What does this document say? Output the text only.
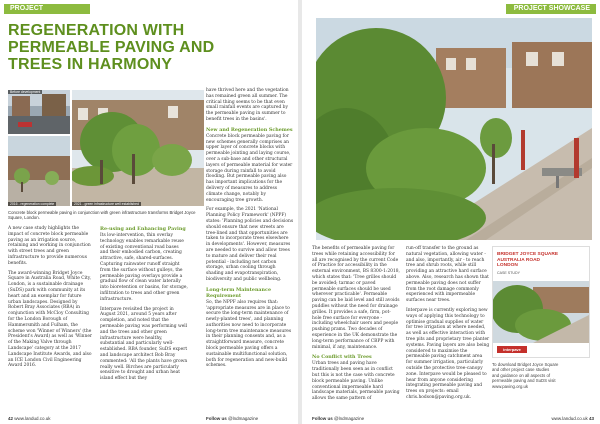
PROJECT SHOWCASE
REGENERATION WITH
PERMEABLE PAVING AND
TREES IN HARMONY
Before development
2016 - regeneration complete	2021 - green infrastructure well established
Concrete block permeable paving in conjunction with green infrastructure transforms Bridget Joyce Square, London.

A new case study highlights the impact of concrete block permeable paving as an irrigation source, retaining and working in conjunction with street trees and green infrastructure to provide numerous benefits.

The award-winning Bridget Joyce Square in Australia Road, White City, London, is a sustainable drainage (SuDS) park with community at its heart and an exemplar for future urban landscapes. Designed by Robert Bray Associates (RBA) in conjunction with McCloy Consulting for the London Borough of Hammersmith and Fulham, the scheme won 'Winner of Winners' (the President's Award) as well as 'Winner of the Making Valve through Landscape' category at the 2017 Landscape Institute Awards, and also an ICE London Civil Engineering Award 2016.

Re-using and Enhancing Paving

Its low-intervention, thin overlay technology enables remarkable reuse of existing conventional road bases and their embodied carbon, creating attractive, safe, shared-surfaces. Capturing rainwater runoff straight from the surface without gulleys, the permeable paving overlays provide a gradual flow of clean water laterally into bioretention or basins, for storage, infiltration to trees and other green infrastructure.

Interpave revisited the project in August 2021, around 5 years after completion, and noted that the permeable paving was performing well and the trees and other green infrastructure were healthy, substantial and particularly well-established. RBA founder, SuDS expert and landscape architect Bob Bray commented: 'All the plants have grown really well. Birches are particularly sensitive to drought and urban heat island effect but they

have thrived here and the vegetation has remained green all summer. The critical thing seems to be that even small rainfall events are captured by the permeable paving in summer to benefit trees in the basins'.

New and Regeneration Schemes

Concrete block permeable paving for new schemes generally comprises an upper layer of concrete blocks with permeable jointing and laying course, over a sub-base and other structural layers of permeable material for water storage during rainfall to avoid flooding. But permeable paving also has important implications for the delivery of measures to address climate change, notably by encouraging tree growth.

For example, the 2021 'National Planning Policy Framework' (NPPF) states: 'Planning policies and decisions should ensure that new streets are tree-lined and that opportunities are taken to incorporate trees elsewhere in developments'. However, measures are needed to survive and allow trees to mature and deliver their real potential - including net carbon storage, urban cooling through shading and evapotranspiration, biodiversity and public wellbeing.

Long-term Maintenance Requirement

So, the NPPF also requires that: 'appropriate measures are in place to secure the long-term maintenance of newly-planted trees', and planning authorities now need to incorporate long-term tree maintenance measures in their planning consents and, as a straightforward measure, concrete block permeable paving offers a sustainable multifunctional solution, both for regeneration and new-build schemes.

42 www.landud.co.uk	Follow us @lndmagazine
PROJECT SHOWCASE

The benefits of permeable paving for trees while retaining accessibility for all are recognised by the current Code of Practice for accessibility in the external environment, BS 8300-1:2018, which states that: 'Tree grilles should be avoided; tarmac or paved permeable surfaces should be used wherever practicable'. Permeable paving can be laid level and still avoids puddles without the need for drainage grilles. It provides a safe, firm, pot-hole free surface for everyone - including wheelchair users and people pushing prams. Two decades of experience in the UK demonstrate the long-term performance of CBPP with minimal, if any, maintenance.

No Conflict with Trees

Urban trees and paving have traditionally been seen as in conflict but this is not the case with concrete block permeable paving. Unlike conventional impermeable hard landscape materials, permeable paving allows the same pattern of

run-off transfer to the ground as natural vegetation, allowing water - and also, importantly, air - to reach tree and shrub roots, while still providing an attractive hard surface above. Also, research has shown that permeable paving does not suffer from the root damage commonly experienced with impermeable surfaces near trees.

Interpave is currently exploring new ways of applying this technology to optimise gradual supplies of water for tree irrigation at where needed, as well as effective interaction with tree pits and proprietary tree planter systems. Paving layers are also being considered to maximise the permeable paving catchment area for summer irrigation, particularly outside the protective tree-canopy zone. Interpave would be pleased to hear from anyone considering integrating permeable paving and trees on projects: email chris.hodson@paving.org.uk.

Follow us @lndmagazine	www.landud.co.uk 43
BRIDGET JOYCE SQUARE
AUSTRALIA ROAD
LONDON
CASE STUDY
interpave
To download Bridget Joyce Square
and other project case studies
and guidance on all aspects of
permeable paving and SuDS visit
www.paving.org.uk
